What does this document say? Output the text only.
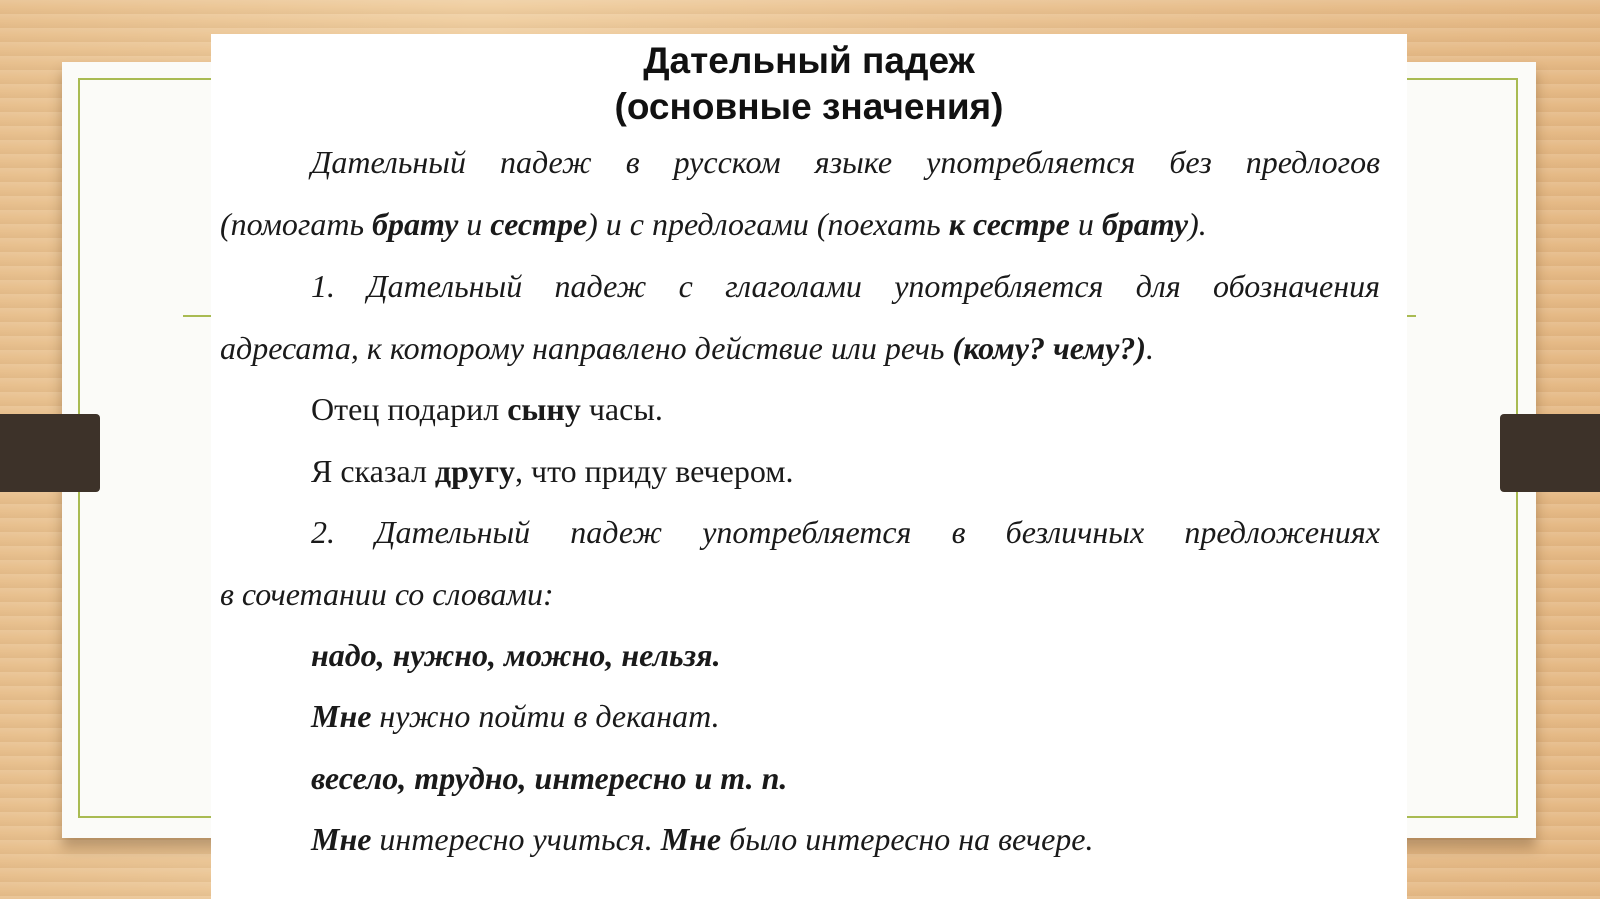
Дательный падеж
(основные значения)
Дательный падеж в русском языке употребляется без предлогов
(помогать брату и сестре) и с предлогами (поехать к сестре и брату).
1. Дательный падеж с глаголами употребляется для обозначения
адресата, к которому направлено действие или речь (кому? чему?).
Отец подарил сыну часы.
Я сказал другу, что приду вечером.
2. Дательный падеж употребляется в безличных предложениях
в сочетании со словами:
надо, нужно, можно, нельзя.
Мне нужно пойти в деканат.
весело, трудно, интересно и т. п.
Мне интересно учиться. Мне было интересно на вечере.
